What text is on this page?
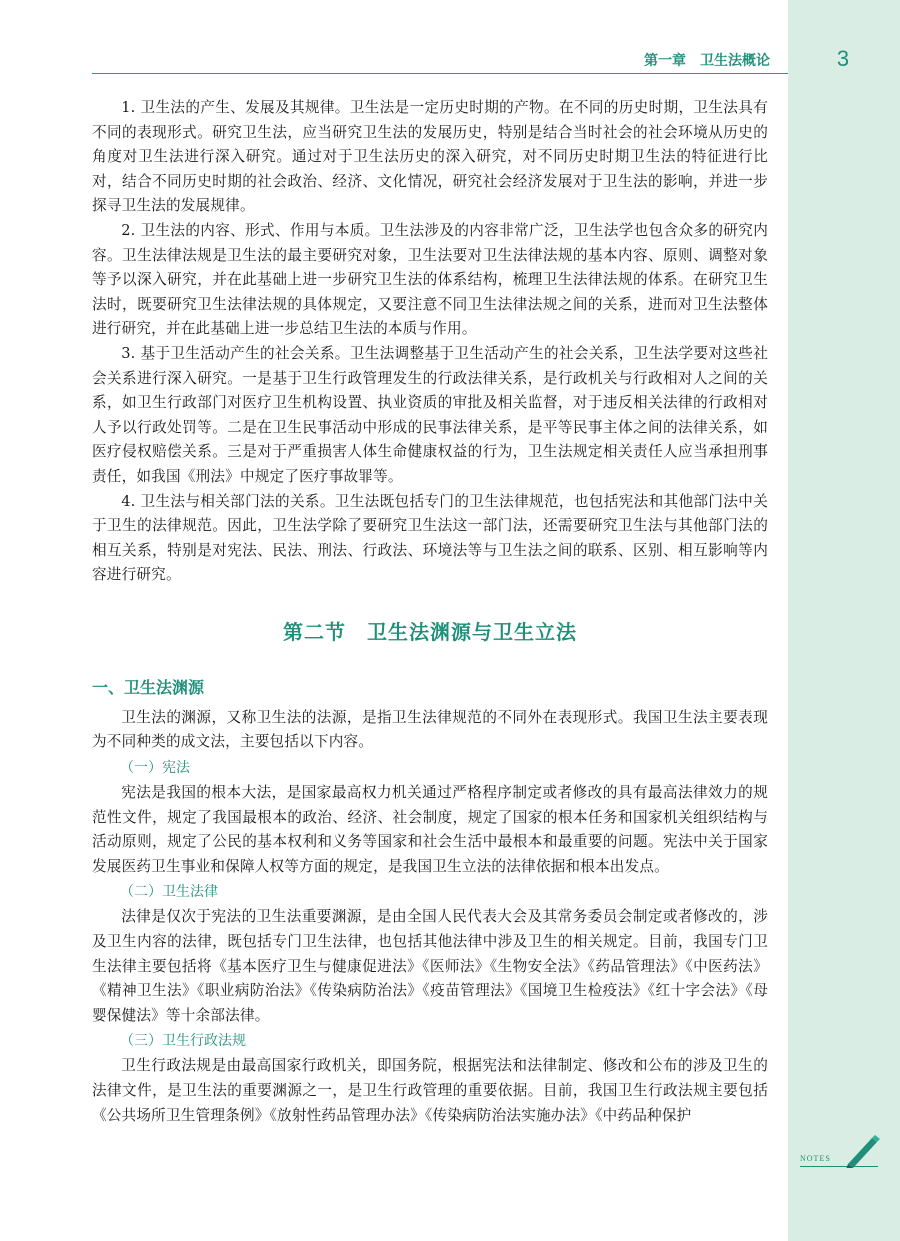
3
第一章　卫生法概论

1. 卫生法的产生、发展及其规律。卫生法是一定历史时期的产物。在不同的历史时期，卫生法具有不同的表现形式。研究卫生法，应当研究卫生法的发展历史，特别是结合当时社会的社会环境从历史的角度对卫生法进行深入研究。通过对于卫生法历史的深入研究，对不同历史时期卫生法的特征进行比对，结合不同历史时期的社会政治、经济、文化情况，研究社会经济发展对于卫生法的影响，并进一步探寻卫生法的发展规律。

2. 卫生法的内容、形式、作用与本质。卫生法涉及的内容非常广泛，卫生法学也包含众多的研究内容。卫生法律法规是卫生法的最主要研究对象，卫生法要对卫生法律法规的基本内容、原则、调整对象等予以深入研究，并在此基础上进一步研究卫生法的体系结构，梳理卫生法律法规的体系。在研究卫生法时，既要研究卫生法律法规的具体规定，又要注意不同卫生法律法规之间的关系，进而对卫生法整体进行研究，并在此基础上进一步总结卫生法的本质与作用。

3. 基于卫生活动产生的社会关系。卫生法调整基于卫生活动产生的社会关系，卫生法学要对这些社会关系进行深入研究。一是基于卫生行政管理发生的行政法律关系，是行政机关与行政相对人之间的关系，如卫生行政部门对医疗卫生机构设置、执业资质的审批及相关监督，对于违反相关法律的行政相对人予以行政处罚等。二是在卫生民事活动中形成的民事法律关系，是平等民事主体之间的法律关系，如医疗侵权赔偿关系。三是对于严重损害人体生命健康权益的行为，卫生法规定相关责任人应当承担刑事责任，如我国《刑法》中规定了医疗事故罪等。

4. 卫生法与相关部门法的关系。卫生法既包括专门的卫生法律规范，也包括宪法和其他部门法中关于卫生的法律规范。因此，卫生法学除了要研究卫生法这一部门法，还需要研究卫生法与其他部门法的相互关系，特别是对宪法、民法、刑法、行政法、环境法等与卫生法之间的联系、区别、相互影响等内容进行研究。

第二节　卫生法渊源与卫生立法
一、卫生法渊源

卫生法的渊源，又称卫生法的法源，是指卫生法律规范的不同外在表现形式。我国卫生法主要表现为不同种类的成文法，主要包括以下内容。

（一）宪法

宪法是我国的根本大法，是国家最高权力机关通过严格程序制定或者修改的具有最高法律效力的规范性文件，规定了我国最根本的政治、经济、社会制度，规定了国家的根本任务和国家机关组织结构与活动原则，规定了公民的基本权利和义务等国家和社会生活中最根本和最重要的问题。宪法中关于国家发展医药卫生事业和保障人权等方面的规定，是我国卫生立法的法律依据和根本出发点。

（二）卫生法律

法律是仅次于宪法的卫生法重要渊源，是由全国人民代表大会及其常务委员会制定或者修改的，涉及卫生内容的法律，既包括专门卫生法律，也包括其他法律中涉及卫生的相关规定。目前，我国专门卫生法律主要包括将《基本医疗卫生与健康促进法》《医师法》《生物安全法》《药品管理法》《中医药法》《精神卫生法》《职业病防治法》《传染病防治法》《疫苗管理法》《国境卫生检疫法》《红十字会法》《母婴保健法》等十余部法律。

（三）卫生行政法规

卫生行政法规是由最高国家行政机关，即国务院，根据宪法和法律制定、修改和公布的涉及卫生的法律文件，是卫生法的重要渊源之一，是卫生行政管理的重要依据。目前，我国卫生行政法规主要包括《公共场所卫生管理条例》《放射性药品管理办法》《传染病防治法实施办法》《中药品种保护

NOTES
